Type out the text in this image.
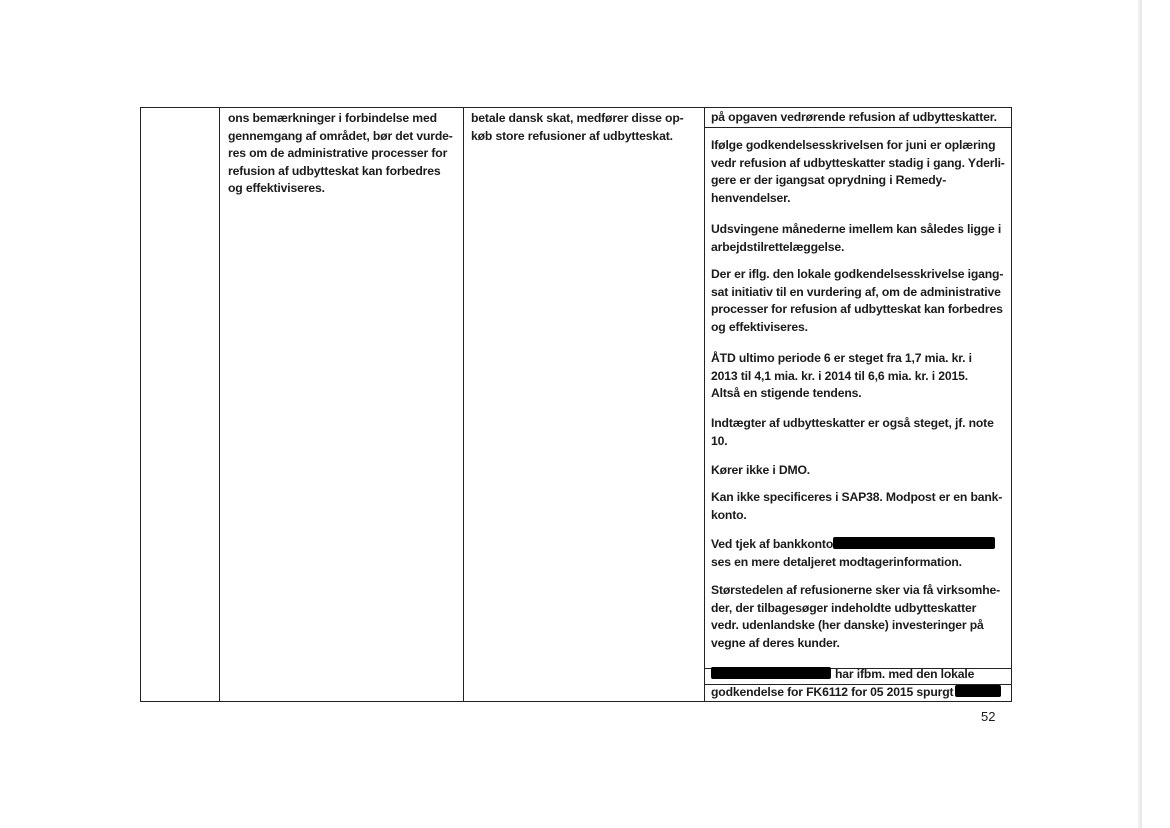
ons bemærkninger i forbindelse med
gennemgang af området, bør det vurde-
res om de administrative processer for
refusion af udbytteskat kan forbedres
og effektiviseres.
betale dansk skat, medfører disse op-
køb store refusioner af udbytteskat.
på opgaven vedrørende refusion af udbytteskatter.
Ifølge godkendelsesskrivelsen for juni er oplæring
vedr refusion af udbytteskatter stadig i gang. Yderli-
gere er der igangsat oprydning i Remedy-
henvendelser.
Udsvingene månederne imellem kan således ligge i
arbejdstilrettelæggelse.
Der er iflg. den lokale godkendelsesskrivelse igang-
sat initiativ til en vurdering af, om de administrative
processer for refusion af udbytteskat kan forbedres
og effektiviseres.
ÅTD ultimo periode 6 er steget fra 1,7 mia. kr. i
2013 til 4,1 mia. kr. i 2014 til 6,6 mia. kr. i 2015.
Altså en stigende tendens.
Indtægter af udbytteskatter er også steget, jf. note
10.
Kører ikke i DMO.
Kan ikke specificeres i SAP38. Modpost er en bank-
konto.
Ved tjek af bankkonto
ses en mere detaljeret modtagerinformation.
Størstedelen af refusionerne sker via få virksomhe-
der, der tilbagesøger indeholdte udbytteskatter
vedr. udenlandske (her danske) investeringer på
vegne af deres kunder.
har ifbm. med den lokale
godkendelse for FK6112 for 05 2015 spurgt
52
